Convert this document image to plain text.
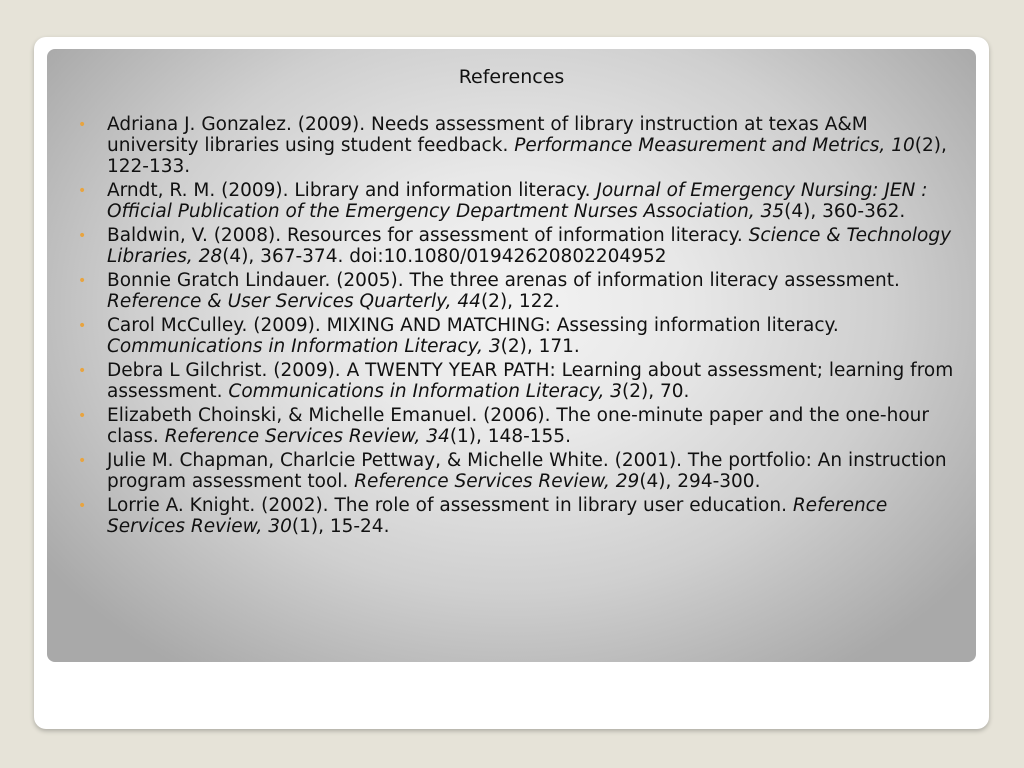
References
• Adriana J. Gonzalez. (2009). Needs assessment of library instruction at texas A&M university libraries using student feedback. Performance Measurement and Metrics, 10(2), 122-133.
• Arndt, R. M. (2009). Library and information literacy. Journal of Emergency Nursing: JEN : Official Publication of the Emergency Department Nurses Association, 35(4), 360-362.
• Baldwin, V. (2008). Resources for assessment of information literacy. Science & Technology Libraries, 28(4), 367-374. doi:10.1080/01942620802204952
• Bonnie Gratch Lindauer. (2005). The three arenas of information literacy assessment. Reference & User Services Quarterly, 44(2), 122.
• Carol McCulley. (2009). MIXING AND MATCHING: Assessing information literacy. Communications in Information Literacy, 3(2), 171.
• Debra L Gilchrist. (2009). A TWENTY YEAR PATH: Learning about assessment; learning from assessment. Communications in Information Literacy, 3(2), 70.
• Elizabeth Choinski, & Michelle Emanuel. (2006). The one-minute paper and the one-hour class. Reference Services Review, 34(1), 148-155.
• Julie M. Chapman, Charlcie Pettway, & Michelle White. (2001). The portfolio: An instruction program assessment tool. Reference Services Review, 29(4), 294-300.
• Lorrie A. Knight. (2002). The role of assessment in library user education. Reference Services Review, 30(1), 15-24.
